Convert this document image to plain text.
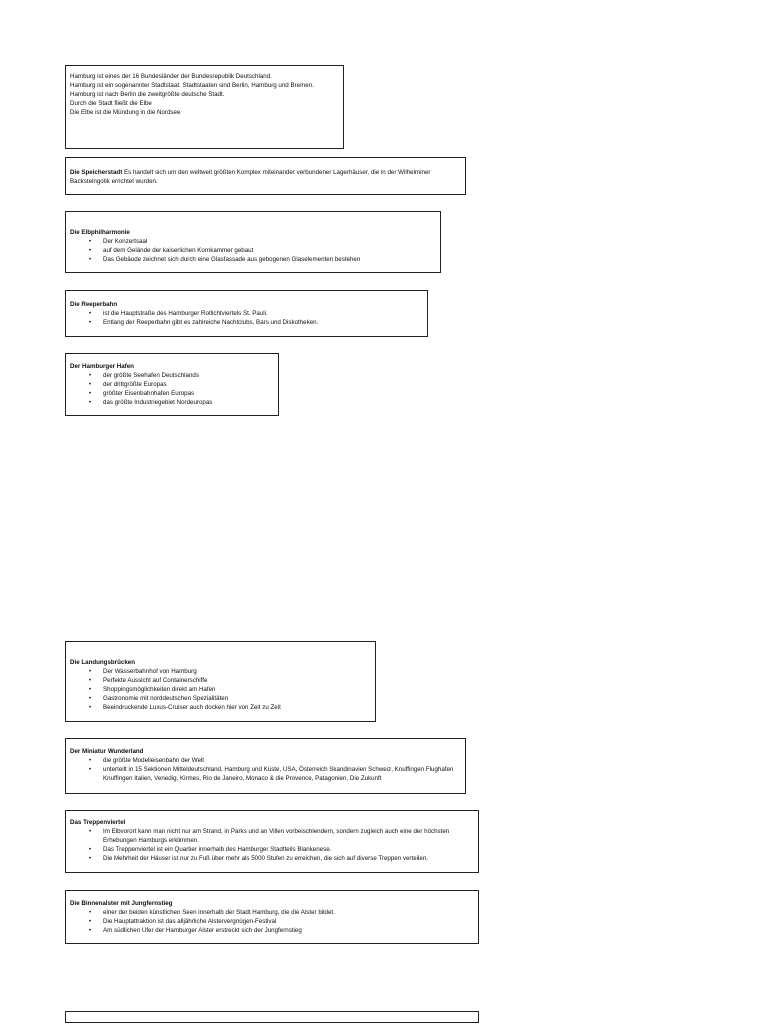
Hamburg ist eines der 16 Bundesländer der Bundesrepublik Deutschland.

Hamburg ist ein sogenannter Stadtstaat. Stadtstaaten sind Berlin, Hamburg und Bremen.

Hamburg ist nach Berlin die zweitgrößte deutsche Stadt.

Durch die Stadt fließt die Elbe

Die Elbe ist die Mündung in die Nordsee

Die Speicherstadt Es handelt sich um den weltweit größten Komplex miteinander verbundener Lagerhäuser, die in der Wilhelminer Backsteingotik errichtet wurden.

Die Elbphilharmonie

• Der Konzertsaal
• auf dem Gelände der kaiserlichen Kornkammer gebaut
• Das Gebäude zeichnet sich durch eine Glasfassade aus gebogenen Glaselementen bestehen

Die Reeperbahn

• ist die Hauptstraße des Hamburger Rotlichtviertels St. Pauli.
• Entlang der Reeperbahn gibt es zahlreiche Nachtclubs, Bars und Diskotheken.

Der Hamburger Hafen

• der größte Seehafen Deutschlands
• der drittgrößte Europas
• größter Eisenbahnhafen Europas
• das größte Industriegebiet Nordeuropas

Die Landungsbrücken

• Der Wasserbahnhof von Hamburg
• Perfekte Aussicht auf Containerschiffe
• Shoppingsmöglichkeiten direkt am Hafen
• Gastronomie mit norddeutschen Spezialitäten
• Beeindruckende Luxus-Cruiser auch docken hier von Zeit zu Zeit

Der Miniatur Wunderland

• die größte Modelleisenbahn der Welt
• unterteilt in 15 Sektionen Mitteldeutschland, Hamburg und Küste, USA, Österreich Skandinavien Schweiz, Knuffingen Flughafen Knuffingen Italien, Venedig, Kirmes, Rio de Janeiro, Monaco & die Provence, Patagonien, Die Zukunft

Das Treppenviertel

• Im Elbvorort kann man nicht nur am Strand, in Parks und an Villen vorbeischlendern, sondern zugleich auch eine der höchsten Erhebungen Hamburgs erklimmen.
• Das Treppenviertel ist ein Quartier innerhalb des Hamburger Stadtteils Blankenese.
• Die Mehrheit der Häuser ist nur zu Fuß über mehr als 5000 Stufen zu erreichen, die sich auf diverse Treppen verteilen.

Die Binnenalster mit Jungfernstieg

• einer der beiden künstlichen Seen innerhalb der Stadt Hamburg, die die Alster bildet.
• Die Hauptattraktion ist das alljährliche Alstervergnügen-Festival
• Am südlichen Ufer der Hamburger Alster erstreckt sich der Jungfernstieg
